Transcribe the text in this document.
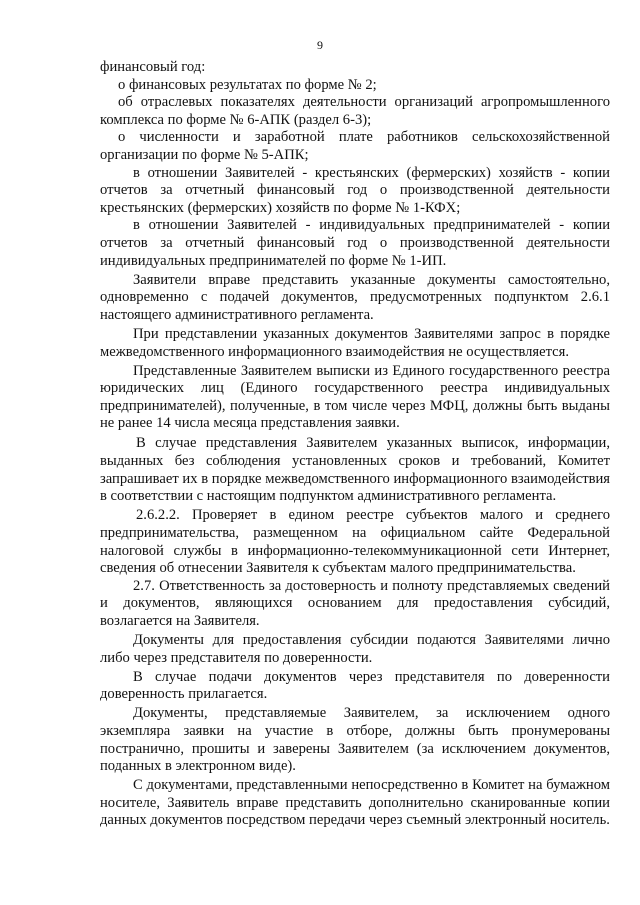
9

финансовый год:

о финансовых результатах по форме № 2;

об отраслевых показателях деятельности организаций агропромышленного комплекса по форме № 6-АПК (раздел 6-3);

о численности и заработной плате работников сельскохозяйственной организации по форме № 5-АПК;

в отношении Заявителей - крестьянских (фермерских) хозяйств - копии отчетов за отчетный финансовый год о производственной деятельности крестьянских (фермерских) хозяйств по форме № 1-КФХ;

в отношении Заявителей - индивидуальных предпринимателей - копии отчетов за отчетный финансовый год о производственной деятельности индивидуальных предпринимателей по форме № 1-ИП.

Заявители вправе представить указанные документы самостоятельно, одновременно с подачей документов, предусмотренных подпунктом 2.6.1 настоящего административного регламента.

При представлении указанных документов Заявителями запрос в порядке межведомственного информационного взаимодействия не осуществляется.

Представленные Заявителем выписки из Единого государственного реестра юридических лиц (Единого государственного реестра индивидуальных предпринимателей), полученные, в том числе через МФЦ, должны быть выданы не ранее 14 числа месяца представления заявки.

В случае представления Заявителем указанных выписок, информации, выданных без соблюдения установленных сроков и требований, Комитет запрашивает их в порядке межведомственного информационного взаимодействия в соответствии с настоящим подпунктом административного регламента.

2.6.2.2. Проверяет в едином реестре субъектов малого и среднего предпринимательства, размещенном на официальном сайте Федеральной налоговой службы в информационно-телекоммуникационной сети Интернет, сведения об отнесении Заявителя к субъектам малого предпринимательства.

2.7. Ответственность за достоверность и полноту представляемых сведений и документов, являющихся основанием для предоставления субсидий, возлагается на Заявителя.

Документы для предоставления субсидии подаются Заявителями лично либо через представителя по доверенности.

В случае подачи документов через представителя по доверенности доверенность прилагается.

Документы, представляемые Заявителем, за исключением одного экземпляра заявки на участие в отборе, должны быть пронумерованы постранично, прошиты и заверены Заявителем (за исключением документов, поданных в электронном виде).

С документами, представленными непосредственно в Комитет на бумажном носителе, Заявитель вправе представить дополнительно сканированные копии данных документов посредством передачи через съемный электронный носитель.
